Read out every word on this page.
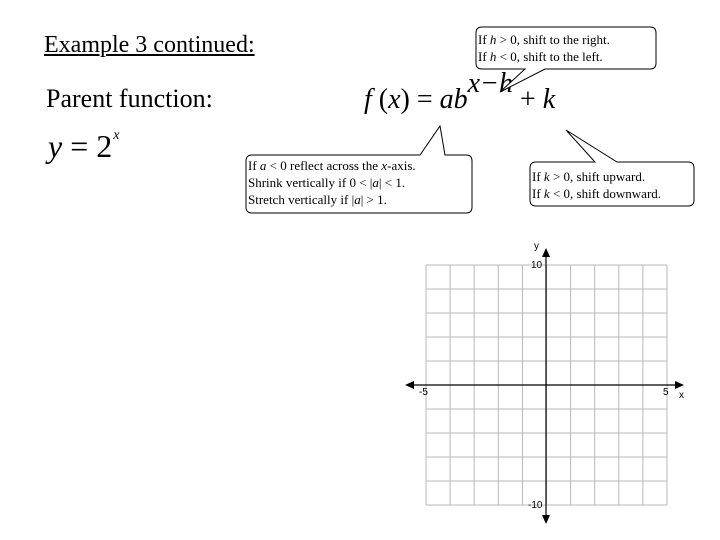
Example 3 continued:
Parent function:
$y = 2^x$
f (x) = abx−h + k
If h > 0, shift to the right.
If h < 0, shift to the left.
If a < 0 reflect across the x-axis.
Shrink vertically if 0 < |a| < 1.
Stretch vertically if |a| > 1.
If k > 0, shift upward.
If k < 0, shift downward.
y
x
10
-10
-5	5
